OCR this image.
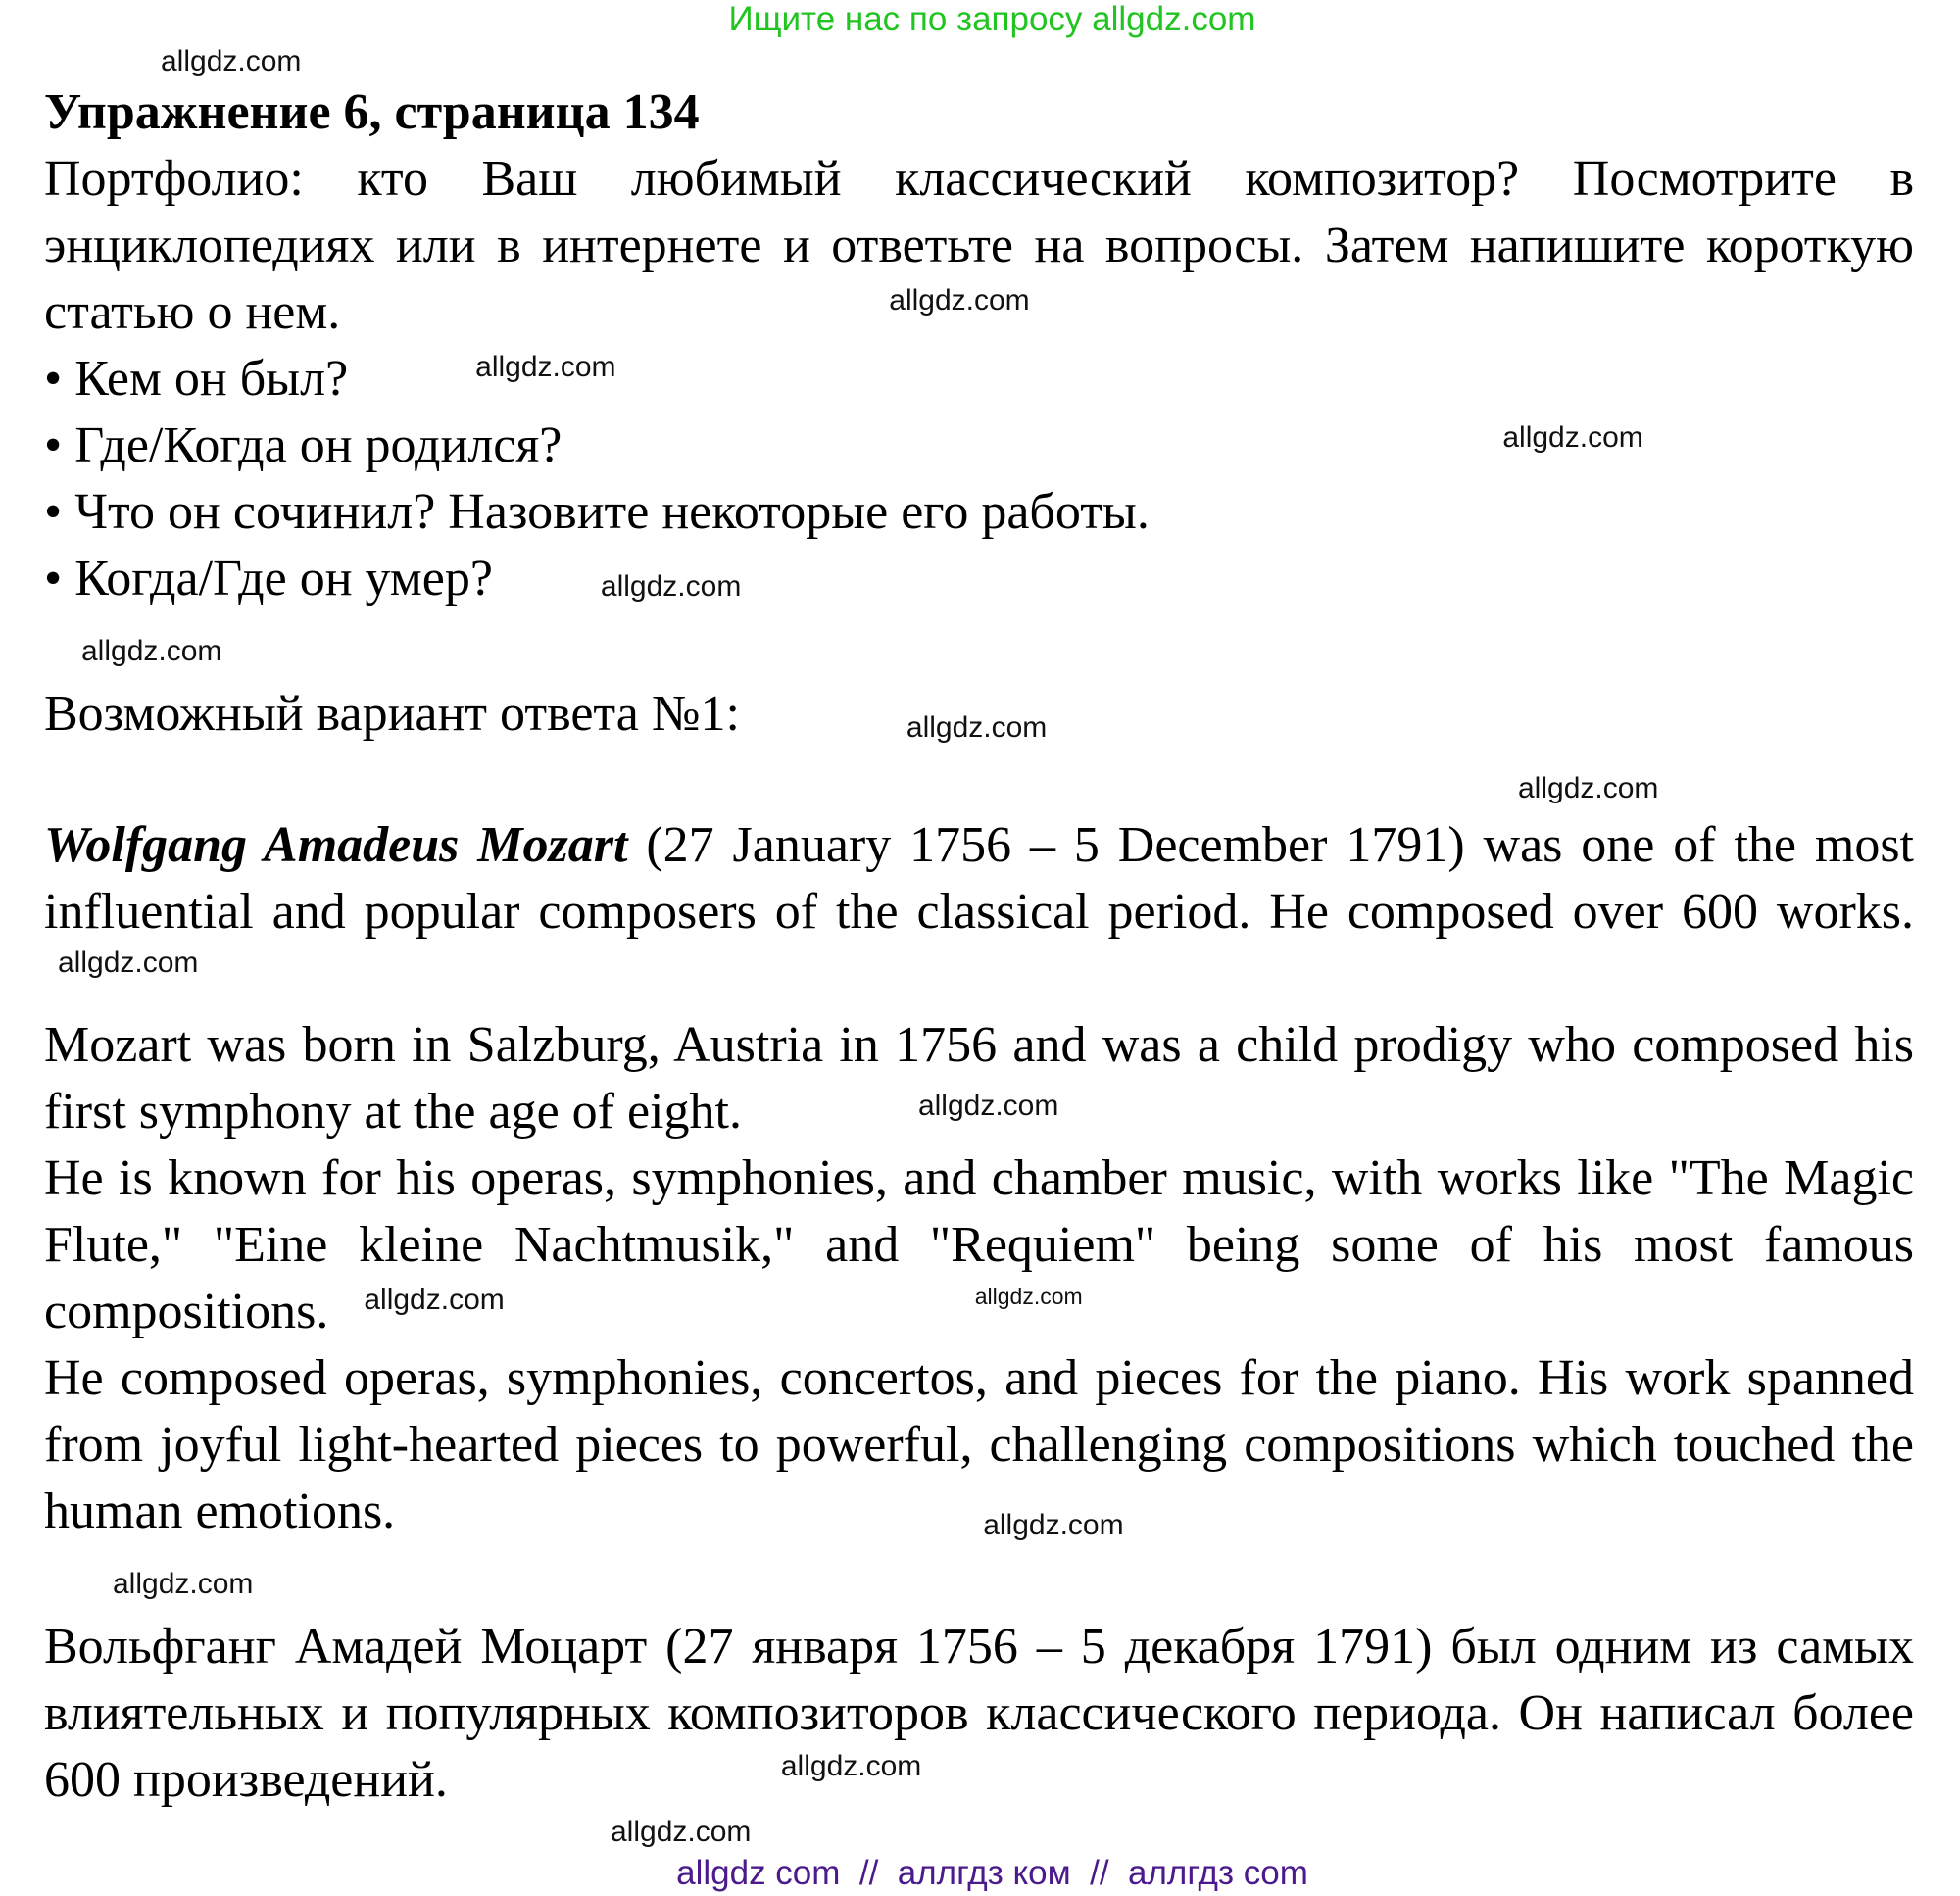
Ищите нас по запросу allgdz.com
allgdz.com
Упражнение 6, страница 134
Портфолио: кто Ваш любимый классический композитор? Посмотрите в энциклопедиях или в интернете и ответьте на вопросы. Затем напишите короткую статью о нем.	allgdz.com

• Кем он был?	allgdz.com

• Где/Когда он родился?	allgdz.com

• Что он сочинил? Назовите некоторые его работы.

• Когда/Где он умер?	allgdz.com

allgdz.com
Возможный вариант ответа №1:	allgdz.com
allgdz.com

Wolfgang Amadeus Mozart (27 January 1756 – 5 December 1791) was one of the most influential and popular composers of the classical period. He composed over 600 works.allgdz.com

Mozart was born in Salzburg, Austria in 1756 and was a child prodigy who composed his first symphony at the age of eight.	allgdz.com

He is known for his operas, symphonies, and chamber music, with works like "The Magic Flute," "Eine kleine Nachtmusik," and "Requiem" being some of his most famous compositions. allgdz.com	allgdz.com

He composed operas, symphonies, concertos, and pieces for the piano. His work spanned from joyful light-hearted pieces to powerful, challenging compositions which touched the human emotions.	allgdz.com

allgdz.com
Вольфганг Амадей Моцарт (27 января 1756 – 5 декабря 1791) был одним из самых влиятельных и популярных композиторов классического периода. Он написал более 600 произведений.	allgdz.com
allgdz.com
allgdz com  //  аллгдз ком  //  аллгдз com
